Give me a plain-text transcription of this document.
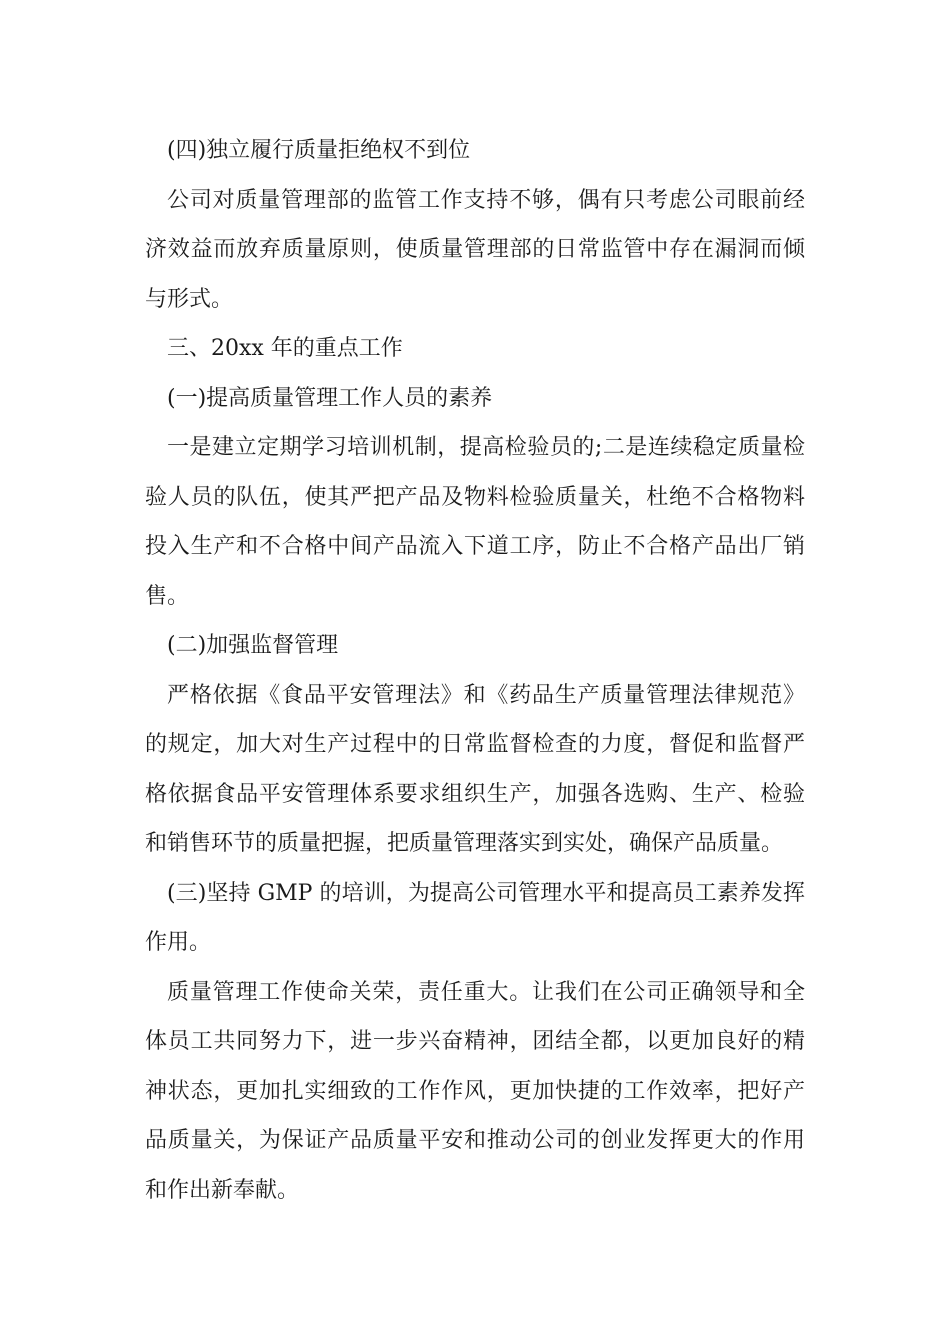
(四)独立履行质量拒绝权不到位

公司对质量管理部的监管工作支持不够，偶有只考虑公司眼前经

济效益而放弃质量原则，使质量管理部的日常监管中存在漏洞而倾

与形式。

三、20xx 年的重点工作

(一)提高质量管理工作人员的素养

一是建立定期学习培训机制，提高检验员的;二是连续稳定质量检

验人员的队伍，使其严把产品及物料检验质量关，杜绝不合格物料

投入生产和不合格中间产品流入下道工序，防止不合格产品出厂销

售。

(二)加强监督管理

严格依据《食品平安管理法》和《药品生产质量管理法律规范》

的规定，加大对生产过程中的日常监督检查的力度，督促和监督严

格依据食品平安管理体系要求组织生产，加强各选购、生产、检验

和销售环节的质量把握，把质量管理落实到实处，确保产品质量。

(三)坚持 GMP 的培训，为提高公司管理水平和提高员工素养发挥

作用。

质量管理工作使命关荣，责任重大。让我们在公司正确领导和全

体员工共同努力下，进一步兴奋精神，团结全都，以更加良好的精

神状态，更加扎实细致的工作作风，更加快捷的工作效率，把好产

品质量关，为保证产品质量平安和推动公司的创业发挥更大的作用

和作出新奉献。
